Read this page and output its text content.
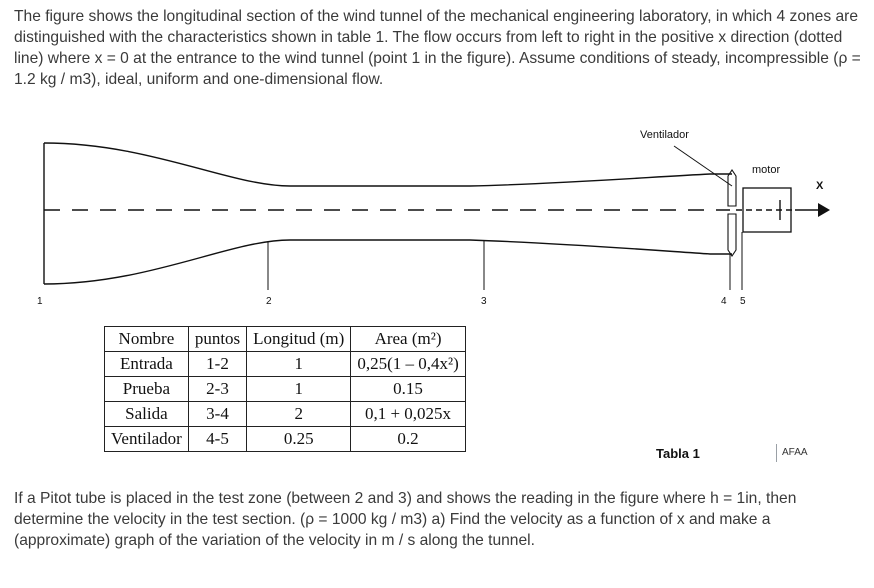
The figure shows the longitudinal section of the wind tunnel of the mechanical engineering laboratory, in which 4 zones are distinguished with the characteristics shown in table 1. The flow occurs from left to right in the positive x direction (dotted line) where x = 0 at the entrance to the wind tunnel (point 1 in the figure). Assume conditions of steady, incompressible (ρ = 1.2 kg / m3), ideal, uniform and one-dimensional flow.

Ventilador
motor
X
1	2	3	4 5
Nombre	puntos	Longitud (m)	Area (m²)
Entrada	1-2	1	0,25(1 – 0,4x²)
Prueba	2-3	1	0.15
Salida	3-4	2	0,1 + 0,025x
Ventilador	4-5	0.25	0.2
Tabla 1	AFAA

If a Pitot tube is placed in the test zone (between 2 and 3) and shows the reading in the figure where h = 1in, then determine the velocity in the test section. (ρ = 1000 kg / m3) a) Find the velocity as a function of x and make a (approximate) graph of the variation of the velocity in m / s along the tunnel.
